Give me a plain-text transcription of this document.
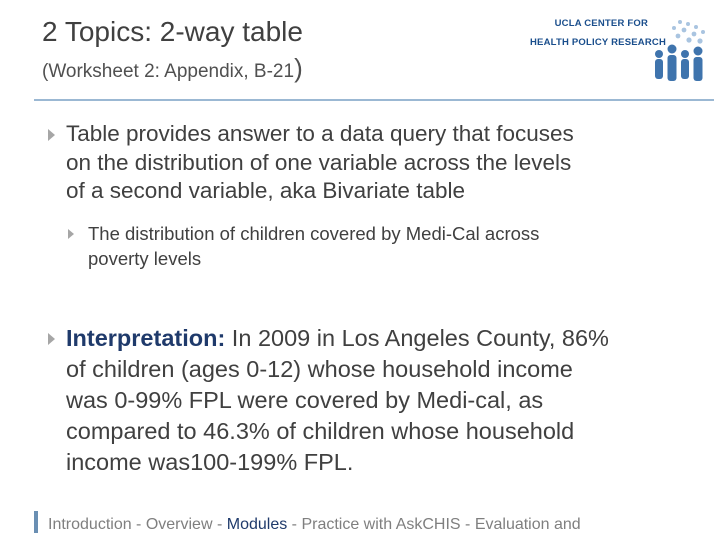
2 Topics: 2-way table
(Worksheet 2: Appendix, B-21)
UCLA CENTER FOR
HEALTH POLICY RESEARCH
Table provides answer to a data query that focuses
on the distribution of one variable across the levels
of a second variable, aka Bivariate table
The distribution of children covered by Medi-Cal across
poverty levels
Interpretation: In 2009 in Los Angeles County, 86%
of children (ages 0-12) whose household income
was 0-99% FPL were covered by Medi-cal, as
compared to 46.3% of children whose household
income was100-199% FPL.
Introduction - Overview - Modules - Practice with AskCHIS - Evaluation and
